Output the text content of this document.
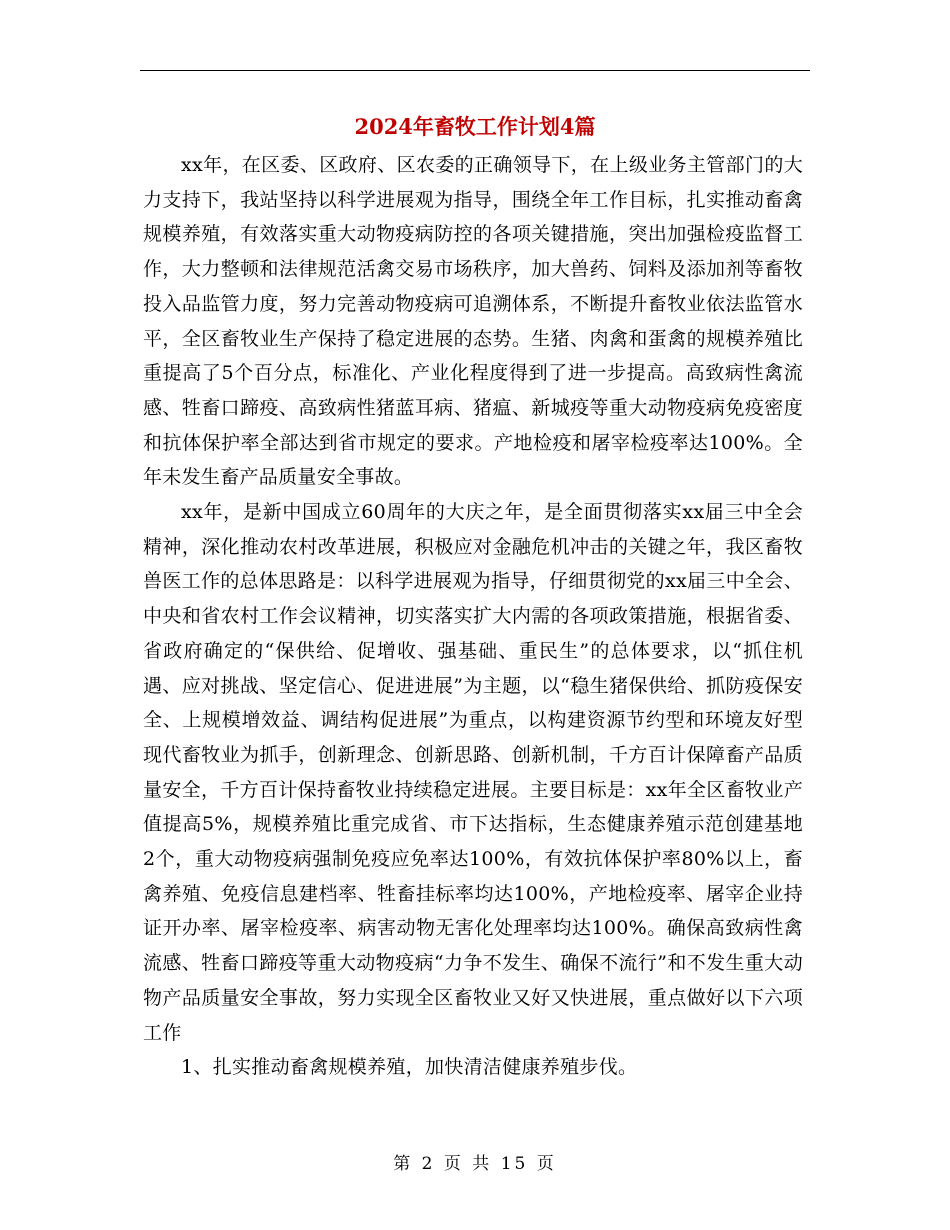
2024年畜牧工作计划4篇

xx年，在区委、区政府、区农委的正确领导下，在上级业务主管部门的大力支持下，我站坚持以科学进展观为指导，围绕全年工作目标，扎实推动畜禽规模养殖，有效落实重大动物疫病防控的各项关键措施，突出加强检疫监督工作，大力整顿和法律规范活禽交易市场秩序，加大兽药、饲料及添加剂等畜牧投入品监管力度，努力完善动物疫病可追溯体系，不断提升畜牧业依法监管水平，全区畜牧业生产保持了稳定进展的态势。生猪、肉禽和蛋禽的规模养殖比重提高了5个百分点，标准化、产业化程度得到了进一步提高。高致病性禽流感、牲畜口蹄疫、高致病性猪蓝耳病、猪瘟、新城疫等重大动物疫病免疫密度和抗体保护率全部达到省市规定的要求。产地检疫和屠宰检疫率达100%。全年未发生畜产品质量安全事故。

xx年，是新中国成立60周年的大庆之年，是全面贯彻落实xx届三中全会精神，深化推动农村改革进展，积极应对金融危机冲击的关键之年，我区畜牧兽医工作的总体思路是：以科学进展观为指导，仔细贯彻党的xx届三中全会、中央和省农村工作会议精神，切实落实扩大内需的各项政策措施，根据省委、省政府确定的“保供给、促增收、强基础、重民生”的总体要求，以“抓住机遇、应对挑战、坚定信心、促进进展”为主题，以“稳生猪保供给、抓防疫保安全、上规模增效益、调结构促进展”为重点，以构建资源节约型和环境友好型现代畜牧业为抓手，创新理念、创新思路、创新机制，千方百计保障畜产品质量安全，千方百计保持畜牧业持续稳定进展。主要目标是：xx年全区畜牧业产值提高5%，规模养殖比重完成省、市下达指标，生态健康养殖示范创建基地2个，重大动物疫病强制免疫应免率达100%，有效抗体保护率80%以上，畜禽养殖、免疫信息建档率、牲畜挂标率均达100%，产地检疫率、屠宰企业持证开办率、屠宰检疫率、病害动物无害化处理率均达100%。确保高致病性禽流感、牲畜口蹄疫等重大动物疫病“力争不发生、确保不流行”和不发生重大动物产品质量安全事故，努力实现全区畜牧业又好又快进展，重点做好以下六项工作

1、扎实推动畜禽规模养殖，加快清洁健康养殖步伐。

第 2 页 共 15 页
